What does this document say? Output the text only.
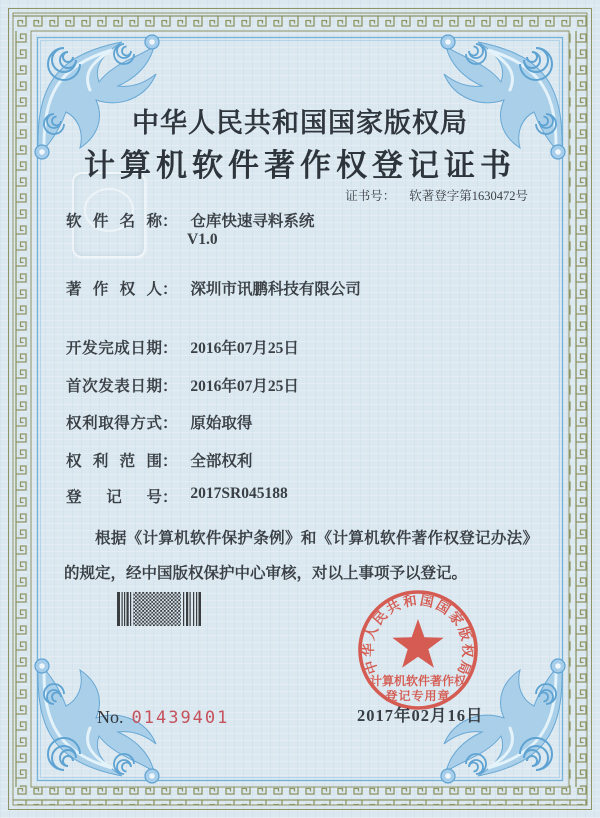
中华人民共和国国家版权局
计算机软件著作权登记证书
证书号： 软著登字第1630472号
软件名称： 仓库快速寻料系统
V1.0
著作权人： 深圳市讯鹏科技有限公司
开发完成日期： 2016年07月25日
首次发表日期： 2016年07月25日
权利取得方式： 原始取得
权利范围： 全部权利
登记号： 2017SR045188
根据《计算机软件保护条例》和《计算机软件著作权登记办法》的规定，经中国版权保护中心审核，对以上事项予以登记。
No. 01439401	2017年02月16日
中华人民共和国国家版权局
计算机软件著作权
登记专用章
